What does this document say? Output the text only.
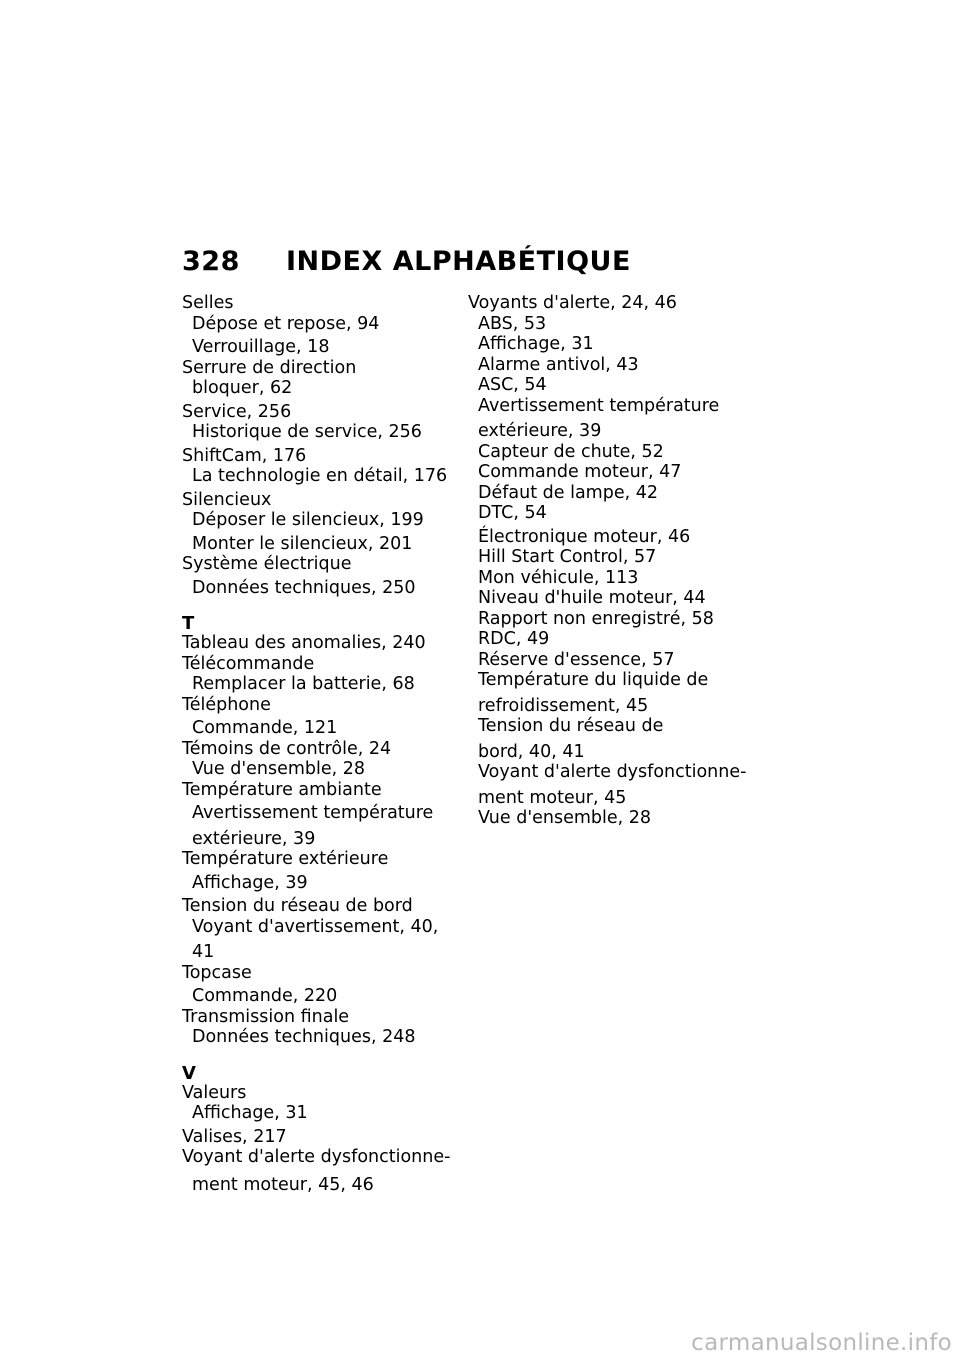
328	INDEX ALPHABÉTIQUE
Selles
Dépose et repose, 94
Verrouillage, 18
Serrure de direction
bloquer, 62
Service, 256
Historique de service, 256
ShiftCam, 176
La technologie en détail, 176
Silencieux
Déposer le silencieux, 199
Monter le silencieux, 201
Système électrique
Données techniques, 250
T
Tableau des anomalies, 240
Télécommande
Remplacer la batterie, 68
Téléphone
Commande, 121
Témoins de contrôle, 24
Vue d'ensemble, 28
Température ambiante
Avertissement température
extérieure, 39
Température extérieure
Affichage, 39
Tension du réseau de bord
Voyant d'avertissement, 40,
41
Topcase
Commande, 220
Transmission finale
Données techniques, 248
V
Valeurs
Affichage, 31
Valises, 217
Voyant d'alerte dysfonctionne-
ment moteur, 45, 46
Voyants d'alerte, 24, 46
ABS, 53
Affichage, 31
Alarme antivol, 43
ASC, 54
Avertissement température
extérieure, 39
Capteur de chute, 52
Commande moteur, 47
Défaut de lampe, 42
DTC, 54
Électronique moteur, 46
Hill Start Control, 57
Mon véhicule, 113
Niveau d'huile moteur, 44
Rapport non enregistré, 58
RDC, 49
Réserve d'essence, 57
Température du liquide de
refroidissement, 45
Tension du réseau de
bord, 40, 41
Voyant d'alerte dysfonctionne-
ment moteur, 45
Vue d'ensemble, 28
carmanualsonline.info
